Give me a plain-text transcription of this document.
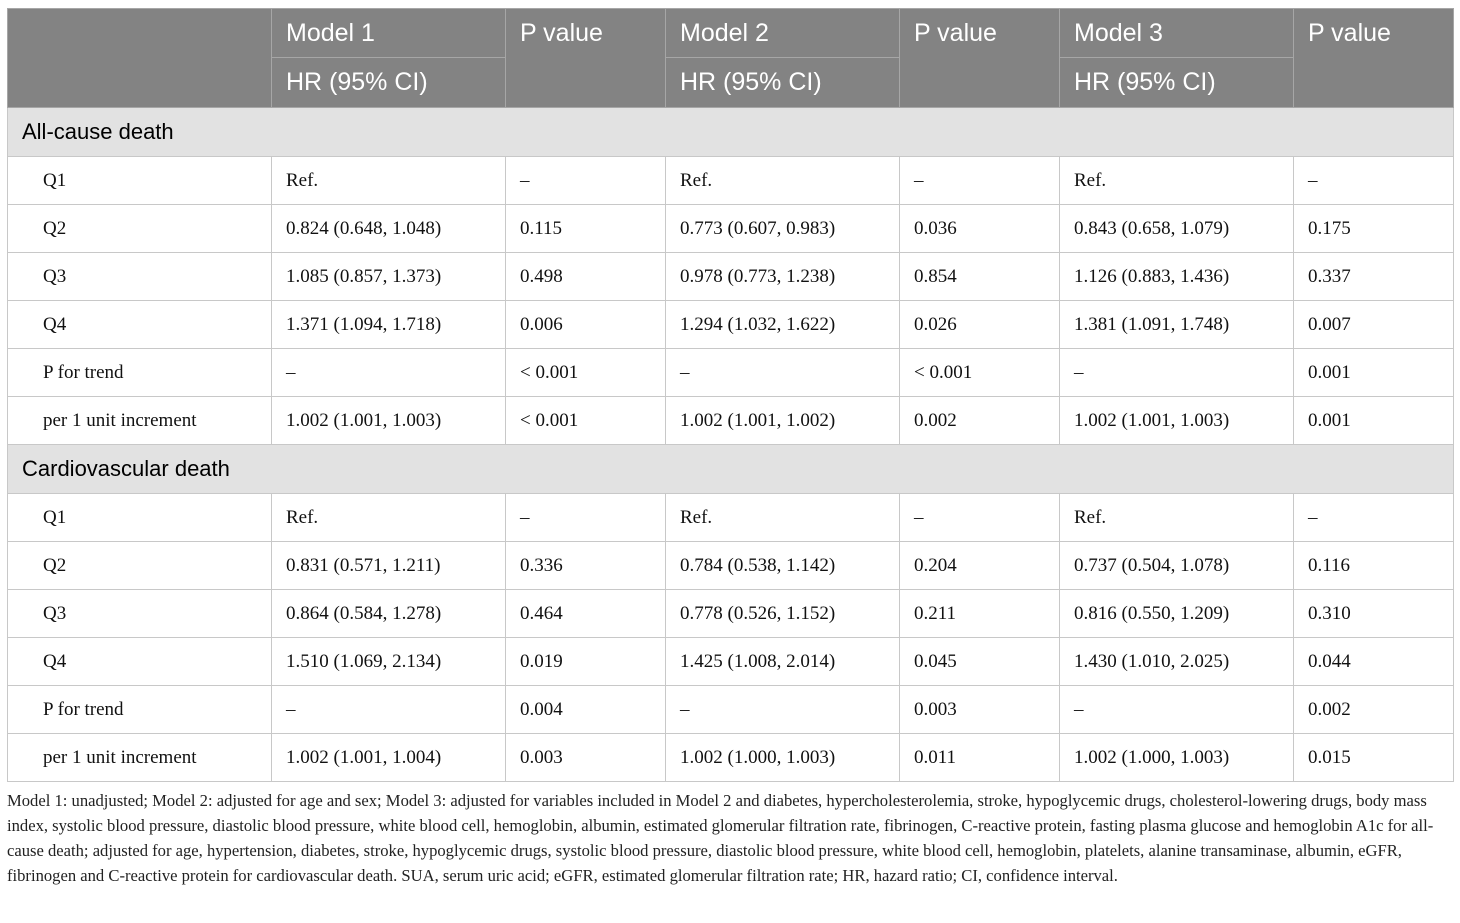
	Model 1	P value	Model 2	P value	Model 3	P value
	HR (95% CI)		HR (95% CI)		HR (95% CI)	
All-cause death						
Q1	Ref.	–	Ref.	–	Ref.	–
Q2	0.824 (0.648, 1.048)	0.115	0.773 (0.607, 0.983)	0.036	0.843 (0.658, 1.079)	0.175
Q3	1.085 (0.857, 1.373)	0.498	0.978 (0.773, 1.238)	0.854	1.126 (0.883, 1.436)	0.337
Q4	1.371 (1.094, 1.718)	0.006	1.294 (1.032, 1.622)	0.026	1.381 (1.091, 1.748)	0.007
P for trend	–	< 0.001	–	< 0.001	–	0.001
per 1 unit increment	1.002 (1.001, 1.003)	< 0.001	1.002 (1.001, 1.002)	0.002	1.002 (1.001, 1.003)	0.001
Cardiovascular death						
Q1	Ref.	–	Ref.	–	Ref.	–
Q2	0.831 (0.571, 1.211)	0.336	0.784 (0.538, 1.142)	0.204	0.737 (0.504, 1.078)	0.116
Q3	0.864 (0.584, 1.278)	0.464	0.778 (0.526, 1.152)	0.211	0.816 (0.550, 1.209)	0.310
Q4	1.510 (1.069, 2.134)	0.019	1.425 (1.008, 2.014)	0.045	1.430 (1.010, 2.025)	0.044
P for trend	–	0.004	–	0.003	–	0.002
per 1 unit increment	1.002 (1.001, 1.004)	0.003	1.002 (1.000, 1.003)	0.011	1.002 (1.000, 1.003)	0.015
Model 1: unadjusted; Model 2: adjusted for age and sex; Model 3: adjusted for variables included in Model 2 and diabetes, hypercholesterolemia, stroke, hypoglycemic drugs, cholesterol-lowering drugs, body mass index, systolic blood pressure, diastolic blood pressure, white blood cell, hemoglobin, albumin, estimated glomerular filtration rate, fibrinogen, C-reactive protein, fasting plasma glucose and hemoglobin A1c for all-cause death; adjusted for age, hypertension, diabetes, stroke, hypoglycemic drugs, systolic blood pressure, diastolic blood pressure, white blood cell, hemoglobin, platelets, alanine transaminase, albumin, eGFR, fibrinogen and C-reactive protein for cardiovascular death. SUA, serum uric acid; eGFR, estimated glomerular filtration rate; HR, hazard ratio; CI, confidence interval.
